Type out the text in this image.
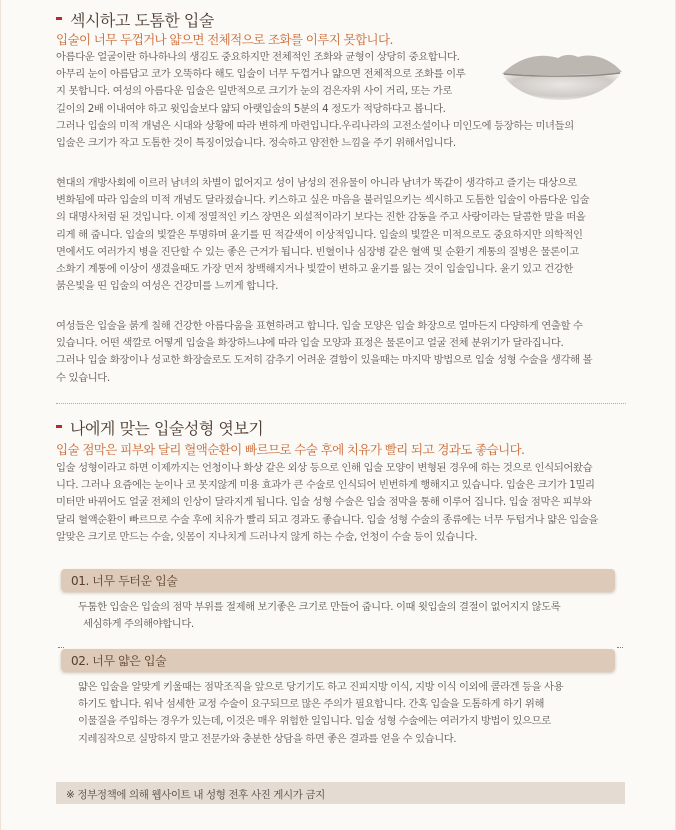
섹시하고 도톰한 입술
입술이 너무 두껍거나 얇으면 전체적으로 조화를 이루지 못합니다.
아름다운 얼굴이란 하나하나의 생김도 중요하지만 전체적인 조화와 균형이 상당히 중요합니다.
아무리 눈이 아름답고 코가 오뚝하다 해도 입술이 너무 두껍거나 얇으면 전체적으로 조화를 이루
지 못합니다. 여성의 아름다운 입술은 일반적으로 크기가 눈의 검은자위 사이 거리, 또는 가로
길이의 2배 이내여야 하고 윗입술보다 얇되 아랫입술의 5분의 4 정도가 적당하다고 봅니다.
그러나 입술의 미적 개념은 시대와 상황에 따라 변하게 마련입니다.우리나라의 고전소설이나 미인도에 등장하는 미녀들의
입술은 크기가 작고 도톰한 것이 특징이었습니다. 정숙하고 얌전한 느낌을 주기 위해서입니다.
현대의 개방사회에 이르러 남녀의 차별이 없어지고 성이 남성의 전유물이 아니라 남녀가 똑같이 생각하고 즐기는 대상으로
변화됨에 따라 입술의 미적 개념도 달라졌습니다. 키스하고 싶은 마음을 불러일으키는 섹시하고 도톰한 입술이 아름다운 입술
의 대명사처럼 된 것입니다. 이제 정열적인 키스 장면은 외설적이라기 보다는 진한 감동을 주고 사랑이라는 달콤한 말을 떠올
리게 해 줍니다. 입술의 빛깔은 투명하며 윤기를 띤 적갈색이 이상적입니다. 입술의 빛깔은 미적으로도 중요하지만 의학적인
면에서도 여러가지 병을 진단할 수 있는 좋은 근거가 됩니다. 빈혈이나 심장병 같은 혈액 및 순환기 계통의 질병은 물론이고
소화기 계통에 이상이 생겼을때도 가장 먼저 창백해지거나 빛깔이 변하고 윤기를 잃는 것이 입술입니다. 윤기 있고 건강한
붉은빛을 띤 입술의 여성은 건강미를 느끼게 합니다.
여성들은 입술을 붉게 칠해 건강한 아름다움을 표현하려고 합니다. 입술 모양은 입술 화장으로 얼마든지 다양하게 연출할 수
있습니다. 어떤 색깔로 어떻게 입술을 화장하느냐에 따라 입술 모양과 표정은 물론이고 얼굴 전체 분위기가 달라집니다.
그러나 입술 화장이나 성교한 화장술로도 도저히 감추기 어려운 결함이 있을때는 마지막 방법으로 입술 성형 수술을 생각해 볼
수 있습니다.
나에게 맞는 입술성형 엿보기
입술 점막은 피부와 달리 혈액순환이 빠르므로 수술 후에 치유가 빨리 되고 경과도 좋습니다.
입술 성형이라고 하면 이제까지는 언청이나 화상 같은 외상 등으로 인해 입술 모양이 변형된 경우에 하는 것으로 인식되어왔습
니다. 그러나 요즘에는 눈이나 코 못지않게 미용 효과가 큰 수술로 인식되어 빈번하게 행해지고 있습니다. 입술은 크기가 1밀리
미터만 바뀌어도 얼굴 전체의 인상이 달라지게 됩니다. 입술 성형 수술은 입술 점막을 통해 이루어 집니다. 입술 점막은 피부와
달리 혈액순환이 빠르므로 수술 후에 치유가 빨리 되고 경과도 좋습니다. 입술 성형 수술의 종류에는 너무 두텁거나 얇은 입술을
알맞은 크기로 만드는 수술, 잇몸이 지나치게 드러나지 않게 하는 수술, 언청이 수술 등이 있습니다.
01. 너무 두터운 입술
두툼한 입술은 입술의 점막 부위를 절제해 보기좋은 크기로 만들어 줍니다. 이때 윗입술의 결절이 없어지지 않도록
세심하게 주의해야합니다.
02. 너무 얇은 입술
얇은 입술을 알맞게 키울때는 점막조직을 앞으로 당기기도 하고 진피지방 이식, 지방 이식 이외에 콜라겐 등을 사용
하기도 합니다. 워낙 섬세한 교정 수술이 요구되므로 많은 주의가 필요합니다. 간혹 입술을 도톰하게 하기 위해
이물질을 주입하는 경우가 있는데, 이것은 매우 위험한 일입니다. 입술 성형 수술에는 여러가지 방법이 있으므로
지레짐작으로 실망하지 말고 전문가와 충분한 상담을 하면 좋은 결과를 얻을 수 있습니다.
※ 정부정책에 의해 웹사이트 내 성형 전후 사진 게시가 금지
